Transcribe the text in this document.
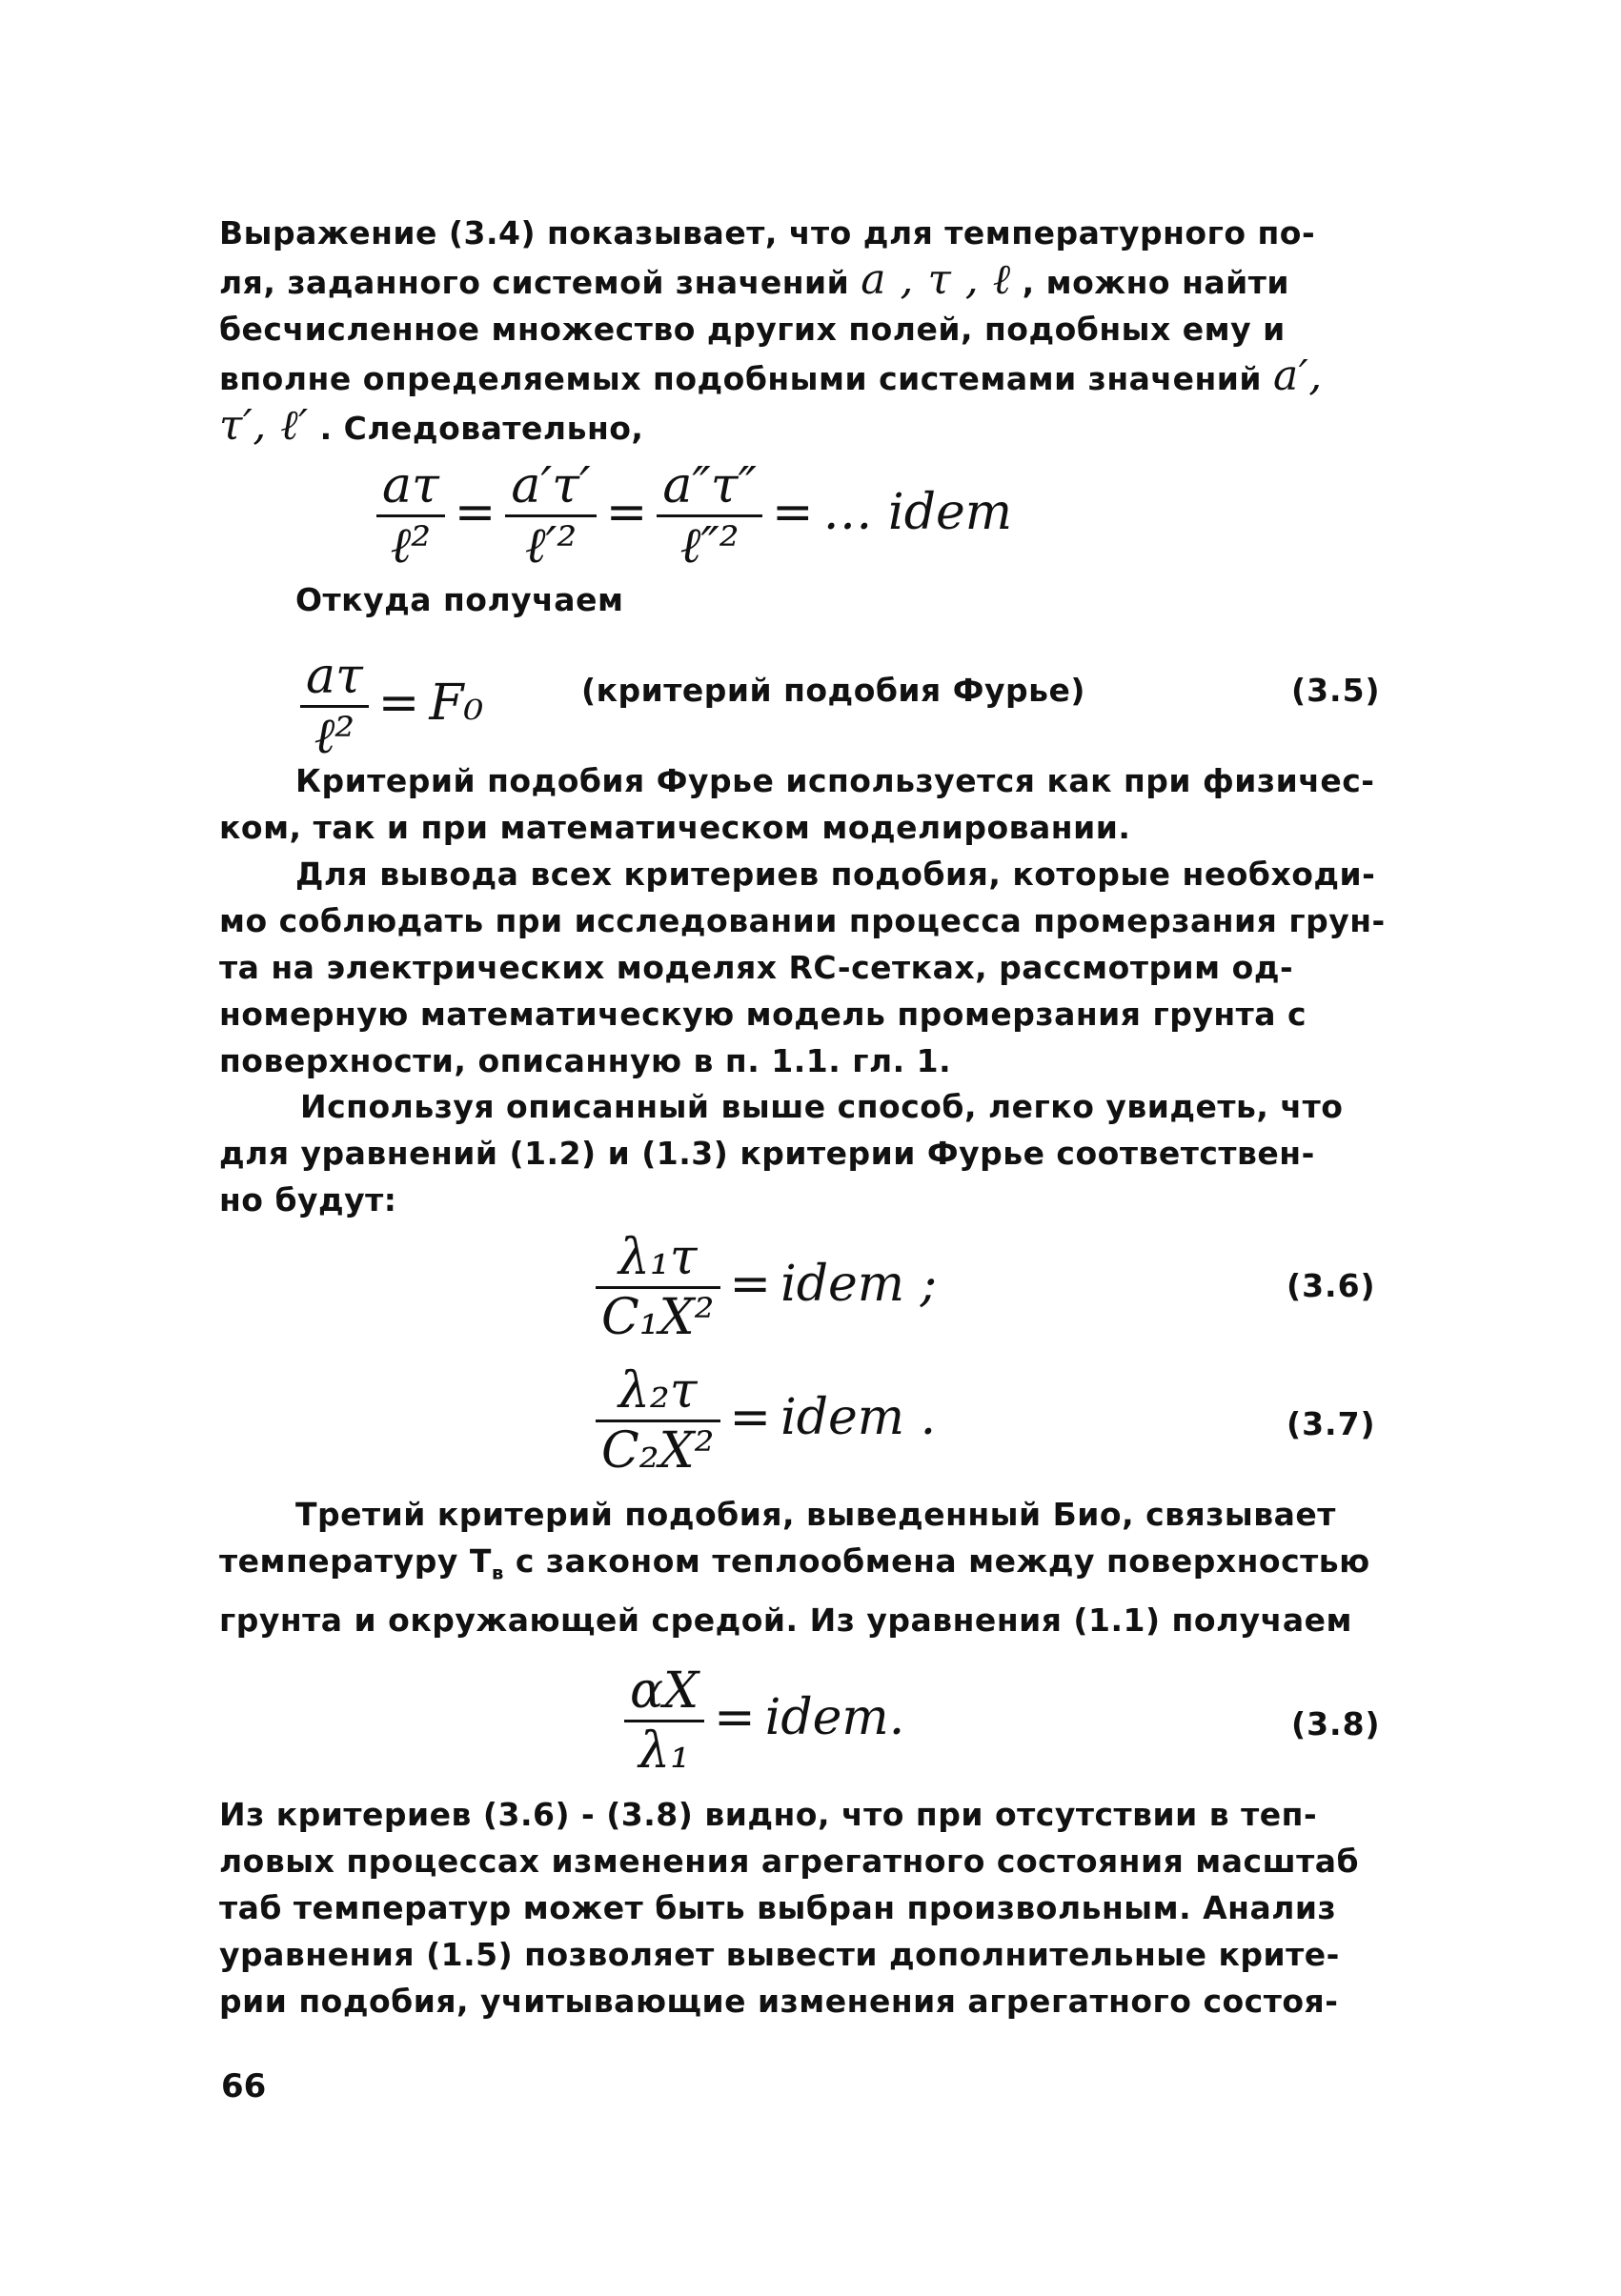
Выражение (3.4) показывает, что для температурного по-
ля, заданного системой значений a , τ , ℓ , можно найти
бесчисленное множество других полей, подобных ему и
вполне определяемых подобными системами значений a′,
τ′, ℓ′ . Следовательно,
$\frac{a\tau}{\text{ℓ²}} = \frac{a'\tau'}{\text{ℓ′²}} = \frac{a''\tau''}{\text{ℓ″²}}$ = … idem
Откуда получаем
$\frac{a\tau}{\text{ℓ²}} = F_0$	(критерий подобия Фурье)	(3.5)
Критерий подобия Фурье используется как при физичес-
ком, так и при математическом моделировании.
Для вывода всех критериев подобия, которые необходи-
мо соблюдать при исследовании процесса промерзания грун-
та на электрических моделях RC-сетках, рассмотрим од-
номерную математическую модель промерзания грунта с
поверхности, описанную в п. 1.1. гл. 1.
Используя описанный выше способ, легко увидеть, что
для уравнений (1.2) и (1.3) критерии Фурье соответствен-
но будут:
$\frac{\text{λ₁τ}}{\text{C₁X²}}$ = idem ;	(3.6)
$\frac{\text{λ₂τ}}{\text{C₂X²}}$ = idem .	(3.7)
Третий критерий подобия, выведенный Био, связывает
температуру $T_в$ с законом теплообмена между поверхностью
грунта и окружающей средой. Из уравнения (1.1) получаем
$\frac{\alpha X}{\text{λ₁}}$ = idem.	(3.8)
Из критериев (3.6) - (3.8) видно, что при отсутствии в теп-
ловых процессах изменения агрегатного состояния масштаб
таб температур может быть выбран произвольным. Анализ
уравнения (1.5) позволяет вывести дополнительные крите-
рии подобия, учитывающие изменения агрегатного состоя-
66
